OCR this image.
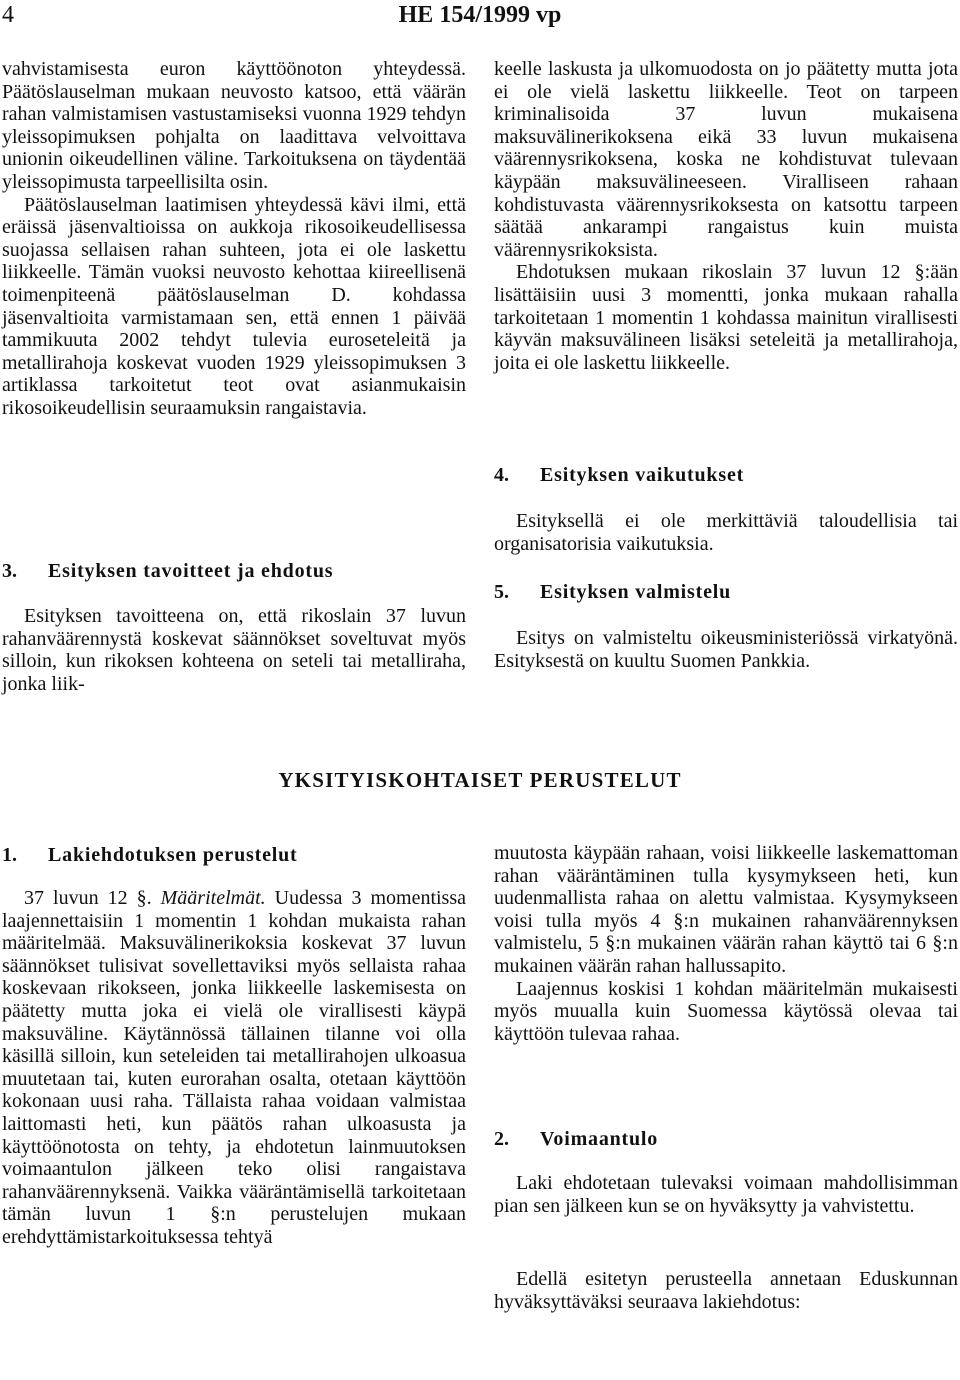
4	HE 154/1999 vp

vahvistamisesta euron käyttöönoton yhteydessä. Päätöslauselman mukaan neuvosto katsoo, että väärän rahan valmistamisen vastustamiseksi vuonna 1929 tehdyn yleissopimuksen pohjalta on laadittava velvoittava unionin oikeudellinen väline. Tarkoituksena on täydentää yleissopimusta tarpeellisilta osin.

Päätöslauselman laatimisen yhteydessä kävi ilmi, että eräissä jäsenvaltioissa on aukkoja rikosoikeudellisessa suojassa sellaisen rahan suhteen, jota ei ole laskettu liikkeelle. Tämän vuoksi neuvosto kehottaa kiireellisenä toimenpiteenä päätöslauselman D. kohdassa jäsenvaltioita varmistamaan sen, että ennen 1 päivää tammikuuta 2002 tehdyt tulevia euroseteleitä ja metallirahoja koskevat vuoden 1929 yleissopimuksen 3 artiklassa tarkoitetut teot ovat asianmukaisin rikosoikeudellisin seuraamuksin rangaistavia.

3. Esityksen tavoitteet ja ehdotus

Esityksen tavoitteena on, että rikoslain 37 luvun rahanväärennystä koskevat säännökset soveltuvat myös silloin, kun rikoksen kohteena on seteli tai metalliraha, jonka liik-

keelle laskusta ja ulkomuodosta on jo päätetty mutta jota ei ole vielä laskettu liikkeelle. Teot on tarpeen kriminalisoida 37 luvun mukaisena maksuvälinerikoksena eikä 33 luvun mukaisena väärennysrikoksena, koska ne kohdistuvat tulevaan käypään maksuvälineeseen. Viralliseen rahaan kohdistuvasta väärennysrikoksesta on katsottu tarpeen säätää ankarampi rangaistus kuin muista väärennysrikoksista.

Ehdotuksen mukaan rikoslain 37 luvun 12 §:ään lisättäisiin uusi 3 momentti, jonka mukaan rahalla tarkoitetaan 1 momentin 1 kohdassa mainitun virallisesti käyvän maksuvälineen lisäksi seteleitä ja metallirahoja, joita ei ole laskettu liikkeelle.

4. Esityksen vaikutukset

Esityksellä ei ole merkittäviä taloudellisia tai organisatorisia vaikutuksia.

5. Esityksen valmistelu

Esitys on valmisteltu oikeusministeriössä virkatyönä. Esityksestä on kuultu Suomen Pankkia.

YKSITYISKOHTAISET PERUSTELUT
1. Lakiehdotuksen perustelut

37 luvun 12 §. Määritelmät. Uudessa 3 momentissa laajennettaisiin 1 momentin 1 kohdan mukaista rahan määritelmää. Maksuvälinerikoksia koskevat 37 luvun säännökset tulisivat sovellettaviksi myös sellaista rahaa koskevaan rikokseen, jonka liikkeelle laskemisesta on päätetty mutta joka ei vielä ole virallisesti käypä maksuväline. Käytännössä tällainen tilanne voi olla käsillä silloin, kun seteleiden tai metallirahojen ulkoasua muutetaan tai, kuten eurorahan osalta, otetaan käyttöön kokonaan uusi raha. Tällaista rahaa voidaan valmistaa laittomasti heti, kun päätös rahan ulkoasusta ja käyttöönotosta on tehty, ja ehdotetun lainmuutoksen voimaantulon jälkeen teko olisi rangaistava rahanväärennyksenä. Vaikka vääräntämisellä tarkoitetaan tämän luvun 1 §:n perustelujen mukaan erehdyttämistarkoituksessa tehtyä

muutosta käypään rahaan, voisi liikkeelle laskemattoman rahan vääräntäminen tulla kysymykseen heti, kun uudenmallista rahaa on alettu valmistaa. Kysymykseen voisi tulla myös 4 §:n mukainen rahanväärennyksen valmistelu, 5 §:n mukainen väärän rahan käyttö tai 6 §:n mukainen väärän rahan hallussapito.

Laajennus koskisi 1 kohdan määritelmän mukaisesti myös muualla kuin Suomessa käytössä olevaa tai käyttöön tulevaa rahaa.

2. Voimaantulo

Laki ehdotetaan tulevaksi voimaan mahdollisimman pian sen jälkeen kun se on hyväksytty ja vahvistettu.

Edellä esitetyn perusteella annetaan Eduskunnan hyväksyttäväksi seuraava lakiehdotus:
